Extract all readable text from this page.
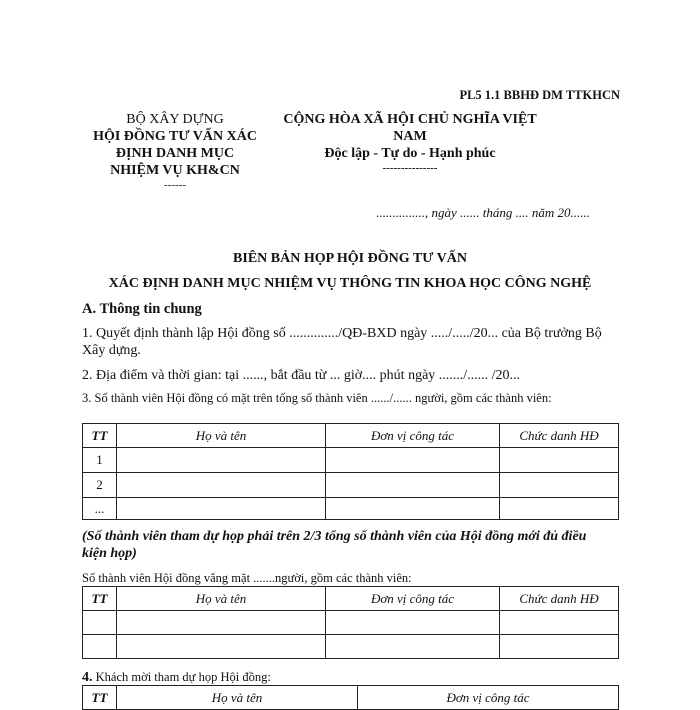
PL5 1.1 BBHĐ DM TTKHCN
BỘ XÂY DỰNG
HỘI ĐỒNG TƯ VẤN XÁC
ĐỊNH DANH MỤC
NHIỆM VỤ KH&CN
------
CỘNG HÒA XÃ HỘI CHỦ NGHĨA VIỆT
NAM
Độc lập - Tự do - Hạnh phúc
---------------
..............., ngày ...... tháng .... năm 20......
BIÊN BẢN HỌP HỘI ĐỒNG TƯ VẤN
XÁC ĐỊNH DANH MỤC NHIỆM VỤ THÔNG TIN KHOA HỌC CÔNG NGHỆ
A. Thông tin chung
1. Quyết định thành lập Hội đồng số ............../QĐ-BXD ngày ...../...../20... của Bộ trưởng Bộ Xây dựng.
2. Địa điểm và thời gian: tại ......, bắt đầu từ ... giờ.... phút ngày ......./...... /20...
3. Số thành viên Hội đồng có mặt trên tổng số thành viên ....../...... người, gồm các thành viên:
TT	Họ và tên	Đơn vị công tác	Chức danh HĐ
1			
2			
...			
(Số thành viên tham dự họp phải trên 2/3 tổng số thành viên của Hội đồng mới đủ điều kiện họp)
Số thành viên Hội đồng vắng mặt .......người, gồm các thành viên:
TT	Họ và tên	Đơn vị công tác	Chức danh HĐ

4. Khách mời tham dự họp Hội đồng:
TT	Họ và tên	Đơn vị công tác
